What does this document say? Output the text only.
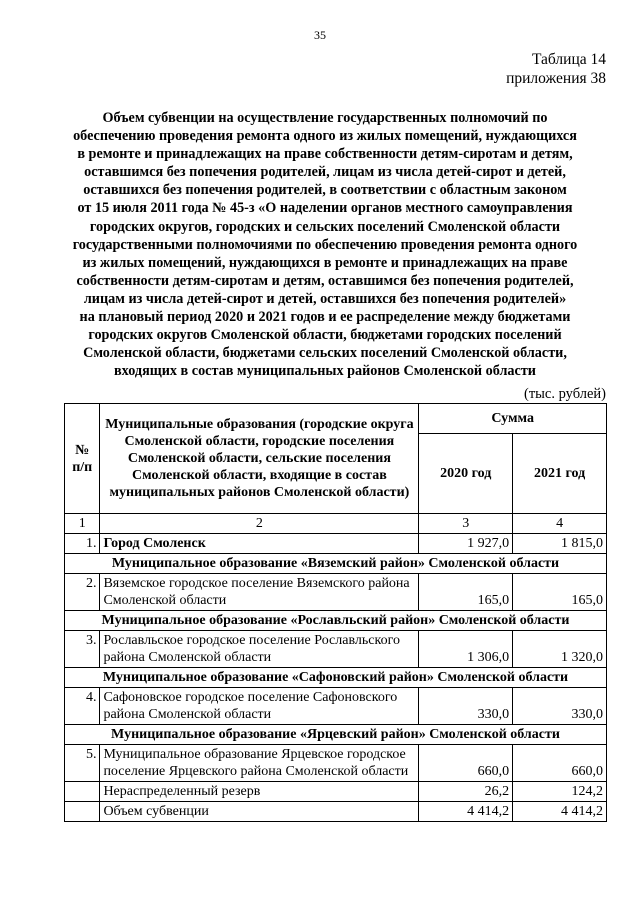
35
Таблица 14
приложения 38
Объем субвенции на осуществление государственных полномочий по
обеспечению проведения ремонта одного из жилых помещений, нуждающихся
в ремонте и принадлежащих на праве собственности детям-сиротам и детям,
оставшимся без попечения родителей, лицам из числа детей-сирот и детей,
оставшихся без попечения родителей, в соответствии с областным законом
от 15 июля 2011 года № 45-з «О наделении органов местного самоуправления
городских округов, городских и сельских поселений Смоленской области
государственными полномочиями по обеспечению проведения ремонта одного
из жилых помещений, нуждающихся в ремонте и принадлежащих на праве
собственности детям-сиротам и детям, оставшимся без попечения родителей,
лицам из числа детей-сирот и детей, оставшихся без попечения родителей»
на плановый период 2020 и 2021 годов и ее распределение между бюджетами
городских округов Смоленской области, бюджетами городских поселений
Смоленской области, бюджетами сельских поселений Смоленской области,
входящих в состав муниципальных районов Смоленской области
(тыс. рублей)
№ п/п	Муниципальные образования (городские округа Смоленской области, городские поселения Смоленской области, сельские поселения Смоленской области, входящие в состав муниципальных районов Смоленской области)	Сумма	
		2020 год	2021 год
1	2	3	4
1.	Город Смоленск	1 927,0	1 815,0
Муниципальное образование «Вяземский район» Смоленской области			
2.	Вяземское городское поселение Вяземского района Смоленской области	165,0	165,0
Муниципальное образование «Рославльский район» Смоленской области			
3.	Рославльское городское поселение Рославльского района Смоленской области	1 306,0	1 320,0
Муниципальное образование «Сафоновский район» Смоленской области			
4.	Сафоновское городское поселение Сафоновского района Смоленской области	330,0	330,0
Муниципальное образование «Ярцевский район» Смоленской области			
5.	Муниципальное образование Ярцевское городское поселение Ярцевского района Смоленской области	660,0	660,0
	Нераспределенный резерв	26,2	124,2
	Объем субвенции	4 414,2	4 414,2
